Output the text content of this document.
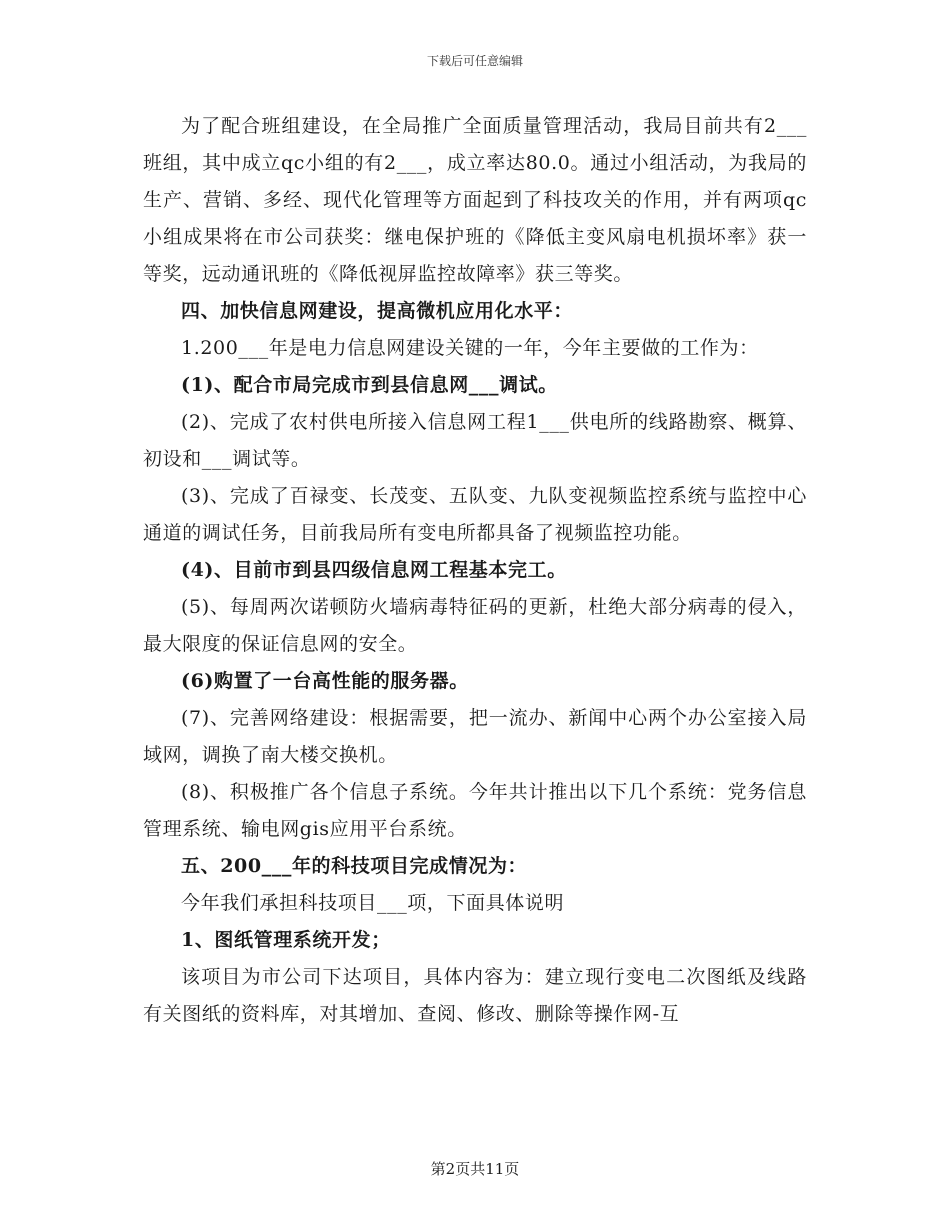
下载后可任意编辑

为了配合班组建设，在全局推广全面质量管理活动，我局目前共有2___班组，其中成立qc小组的有2___，成立率达80.0。通过小组活动，为我局的生产、营销、多经、现代化管理等方面起到了科技攻关的作用，并有两项qc小组成果将在市公司获奖：继电保护班的《降低主变风扇电机损坏率》获一等奖，远动通讯班的《降低视屏监控故障率》获三等奖。

四、加快信息网建设，提高微机应用化水平：

1.200___年是电力信息网建设关键的一年，今年主要做的工作为：

(1)、配合市局完成市到县信息网___调试。

(2)、完成了农村供电所接入信息网工程1___供电所的线路勘察、概算、初设和___调试等。

(3)、完成了百禄变、长茂变、五队变、九队变视频监控系统与监控中心通道的调试任务，目前我局所有变电所都具备了视频监控功能。

(4)、目前市到县四级信息网工程基本完工。

(5)、每周两次诺顿防火墙病毒特征码的更新，杜绝大部分病毒的侵入，最大限度的保证信息网的安全。

(6)购置了一台高性能的服务器。

(7)、完善网络建设：根据需要，把一流办、新闻中心两个办公室接入局域网，调换了南大楼交换机。

(8)、积极推广各个信息子系统。今年共计推出以下几个系统：党务信息管理系统、输电网gis应用平台系统。

五、200___年的科技项目完成情况为：

今年我们承担科技项目___项，下面具体说明

1、图纸管理系统开发；

该项目为市公司下达项目，具体内容为：建立现行变电二次图纸及线路有关图纸的资料库，对其增加、查阅、修改、删除等操作网-互

第2页共11页
